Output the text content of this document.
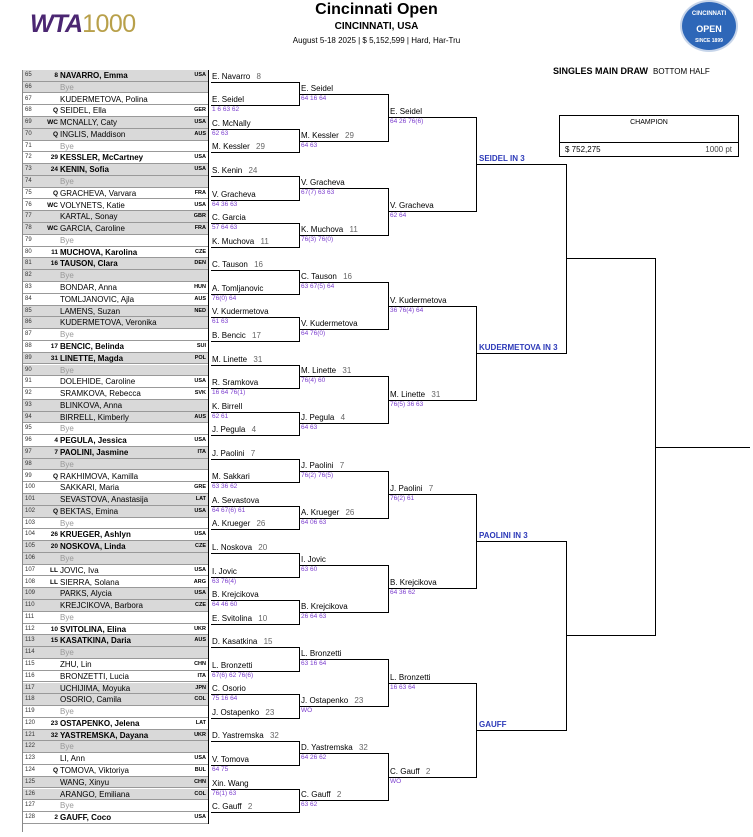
WTA1000
Cincinnati Open
CINCINNATI, USA
August 5-18 2025 | $ 5,152,599 | Hard, Har-Tru
CINCINNATI
OPEN
SINCE 1899
SINGLES MAIN DRAW BOTTOM HALF
CHAMPION
$ 752,275	1000 pt
65	8 NAVARRO, Emma	USA
66	Bye
67	KUDERMETOVA, Polina
68	Q SEIDEL, Ella	GER
69	WC MCNALLY, Caty	USA
70	Q INGLIS, Maddison	AUS
71	Bye
72	29 KESSLER, McCartney	USA
73	24 KENIN, Sofia	USA
74	Bye
75	Q GRACHEVA, Varvara	FRA
76	WC VOLYNETS, Katie	USA
77	KARTAL, Sonay	GBR
78	WC GARCIA, Caroline	FRA
79	Bye
80	11 MUCHOVA, Karolina	CZE
81	16 TAUSON, Clara	DEN
82	Bye
83	BONDAR, Anna	HUN
84	TOMLJANOVIC, Ajla	AUS
85	LAMENS, Suzan	NED
86	KUDERMETOVA, Veronika
87	Bye
88	17 BENCIC, Belinda	SUI
89	31 LINETTE, Magda	POL
90	Bye
91	DOLEHIDE, Caroline	USA
92	SRAMKOVA, Rebecca	SVK
93	BLINKOVA, Anna
94	BIRRELL, Kimberly	AUS
95	Bye
96	4 PEGULA, Jessica	USA
97	7 PAOLINI, Jasmine	ITA
98	Bye
99	Q RAKHIMOVA, Kamilla
100	SAKKARI, Maria	GRE
101	SEVASTOVA, Anastasija	LAT
102	Q BEKTAS, Emina	USA
103	Bye
104	26 KRUEGER, Ashlyn	USA
105	20 NOSKOVA, Linda	CZE
106	Bye
107	LL JOVIC, Iva	USA
108	LL SIERRA, Solana	ARG
109	PARKS, Alycia	USA
110	KREJCIKOVA, Barbora	CZE
111	Bye
112	10 SVITOLINA, Elina	UKR
113	15 KASATKINA, Daria	AUS
114	Bye
115	ZHU, Lin	CHN
116	BRONZETTI, Lucia	ITA
117	UCHIJIMA, Moyuka	JPN
118	OSORIO, Camila	COL
119	Bye
120	23 OSTAPENKO, Jelena	LAT
121	32 YASTREMSKA, Dayana	UKR
122	Bye
123	LI, Ann	USA
124	Q TOMOVA, Viktoriya	BUL
125	WANG, Xinyu	CHN
126	ARANGO, Emiliana	COL
127	Bye
128	2 GAUFF, Coco	USA
E. Navarro 8
E. Seidel
1 6 63 62
C. McNally
62 63
M. Kessler 29
S. Kenin 24
V. Gracheva
64 36 63
C. Garcia
57 64 63
K. Muchova 11
C. Tauson 16
A. Tomljanovic
76(0) 64
V. Kudermetova
61 63
B. Bencic 17
M. Linette 31
R. Sramkova
16 64 76(1)
K. Birrell
62 61
J. Pegula 4
J. Paolini 7
M. Sakkari
63 36 62
A. Sevastova
64 67(6) 61
A. Krueger 26
L. Noskova 20
I. Jovic
63 76(4)
B. Krejcikova
64 46 60
E. Svitolina 10
D. Kasatkina 15
L. Bronzetti
67(6) 62 76(6)
C. Osorio
75 16 64
J. Ostapenko 23
D. Yastremska 32
V. Tomova
64 75
Xin. Wang
76(1) 63
C. Gauff 2
E. Seidel
64 16 64
M. Kessler 29
64 63
V. Gracheva
67(7) 63 63
K. Muchova 11
76(3) 76(0)
C. Tauson 16
63 67(5) 64
V. Kudermetova
64 76(0)
M. Linette 31
76(4) 60
J. Pegula 4
64 63
J. Paolini 7
76(2) 76(5)
A. Krueger 26
64 06 63
I. Jovic
63 60
B. Krejcikova
26 64 63
L. Bronzetti
63 16 64
J. Ostapenko 23
WO
D. Yastremska 32
64 26 62
C. Gauff 2
63 62
E. Seidel
64 26 76(6)
V. Gracheva
62 64
V. Kudermetova
36 76(4) 64
M. Linette 31
76(5) 36 63
J. Paolini 7
76(2) 61
B. Krejcikova
64 36 62
L. Bronzetti
16 63 64
C. Gauff 2
WO
SEIDEL IN 3
KUDERMETOVA IN 3
PAOLINI IN 3
GAUFF
